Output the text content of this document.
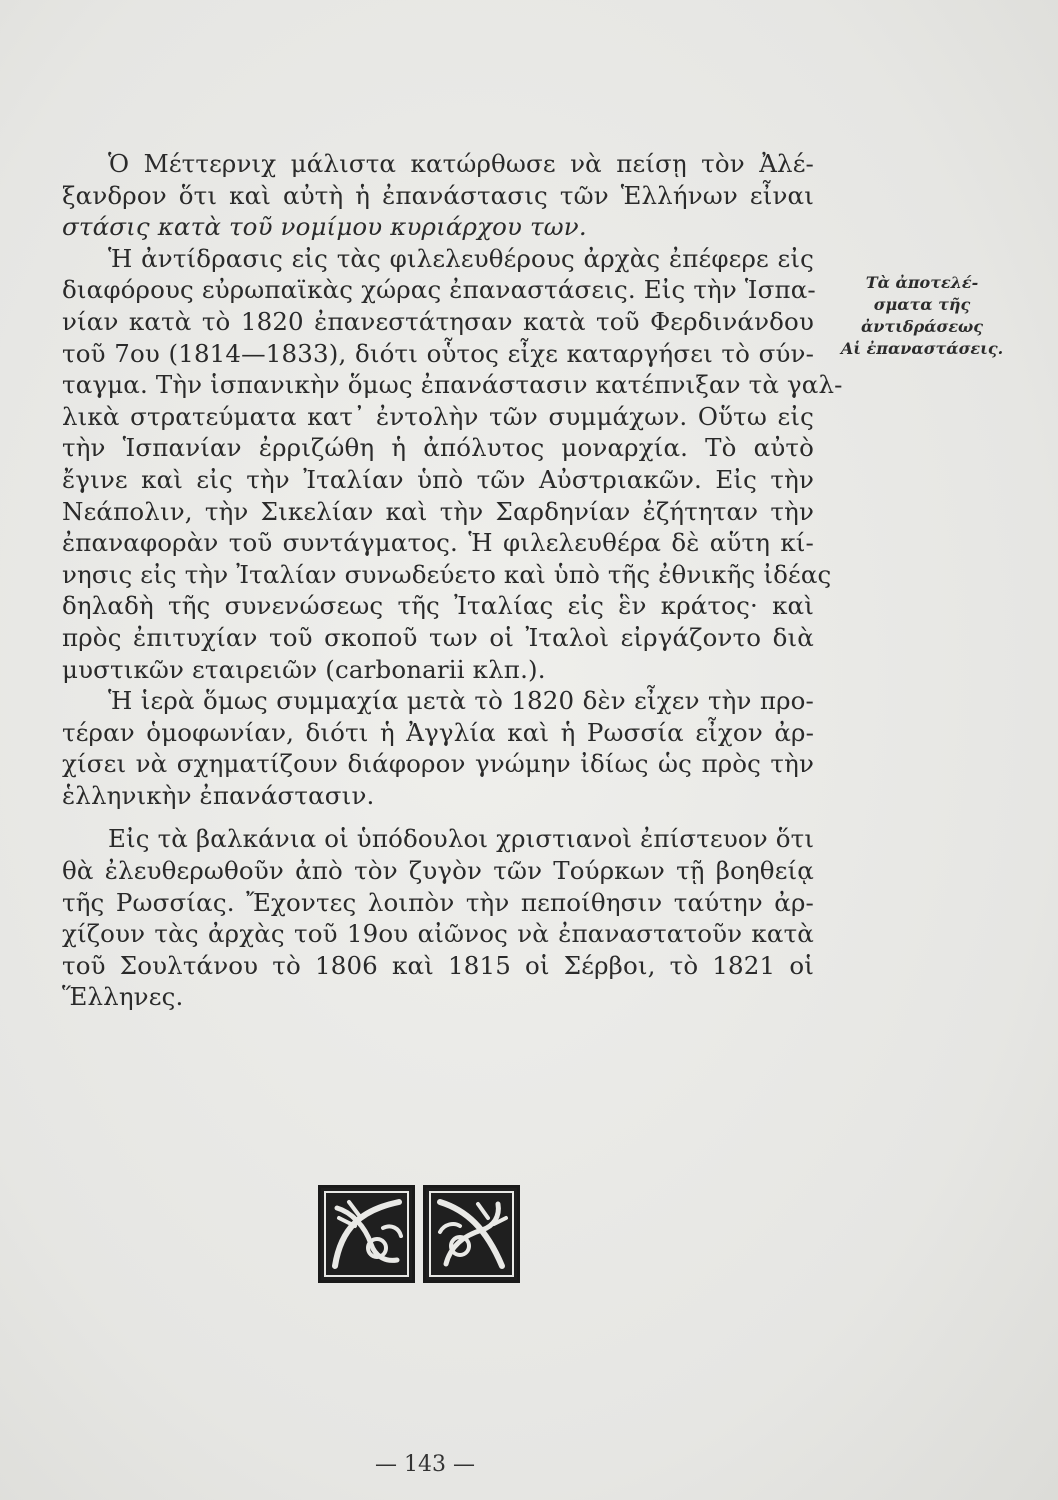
Ὁ Μέττερνιχ μάλιστα κατώρθωσε νὰ πείσῃ τὸν Ἀλέ-
ξανδρον ὅτι καὶ αὐτὴ ἡ ἐπανάστασις τῶν Ἑλλήνων εἶναι
στάσις κατὰ τοῦ νομίμου κυριάρχου των.

Ἡ ἀντίδρασις εἰς τὰς φιλελευθέρους ἀρχὰς ἐπέφερε εἰς
διαφόρους εὐρωπαϊκὰς χώρας ἐπαναστάσεις. Εἰς τὴν Ἱσπα-
νίαν κατὰ τὸ 1820 ἐπανεστάτησαν κατὰ τοῦ Φερδινάνδου
τοῦ 7ου (1814—1833), διότι οὗτος εἶχε καταργήσει τὸ σύν-
ταγμα. Τὴν ἱσπανικὴν ὅμως ἐπανάστασιν κατέπνιξαν τὰ γαλ-
λικὰ στρατεύματα κατ᾽ ἐντολὴν τῶν συμμάχων. Οὕτω εἰς
τὴν Ἱσπανίαν ἐρριζώθη ἡ ἀπόλυτος μοναρχία. Τὸ αὐτὸ
ἔγινε καὶ εἰς τὴν Ἰταλίαν ὑπὸ τῶν Αὐστριακῶν. Εἰς τὴν
Νεάπολιν, τὴν Σικελίαν καὶ τὴν Σαρδηνίαν ἐζήτηταν τὴν
ἐπαναφορὰν τοῦ συντάγματος. Ἡ φιλελευθέρα δὲ αὕτη κί-
νησις εἰς τὴν Ἰταλίαν συνωδεύετο καὶ ὑπὸ τῆς ἐθνικῆς ἰδέας
δηλαδὴ τῆς συνενώσεως τῆς Ἰταλίας εἰς ἓν κράτος· καὶ
πρὸς ἐπιτυχίαν τοῦ σκοποῦ των οἱ Ἰταλοὶ εἰργάζοντο διὰ
μυστικῶν εταιρειῶν (carbonarii κλπ.).

Ἡ ἱερὰ ὅμως συμμαχία μετὰ τὸ 1820 δὲν εἶχεν τὴν προ-
τέραν ὁμοφωνίαν, διότι ἡ Ἀγγλία καὶ ἡ Ρωσσία εἶχον ἀρ-
χίσει νὰ σχηματίζουν διάφορον γνώμην ἰδίως ὡς πρὸς τὴν
ἑλληνικὴν ἐπανάστασιν.

Εἰς τὰ βαλκάνια οἱ ὑπόδουλοι χριστιανοὶ ἐπίστευον ὅτι
θὰ ἐλευθερωθοῦν ἀπὸ τὸν ζυγὸν τῶν Τούρκων τῇ βοηθείᾳ
τῆς Ρωσσίας. Ἔχοντες λοιπὸν τὴν πεποίθησιν ταύτην ἀρ-
χίζουν τὰς ἀρχὰς τοῦ 19ου αἰῶνος νὰ ἐπαναστατοῦν κατὰ
τοῦ Σουλτάνου τὸ 1806 καὶ 1815 οἱ Σέρβοι, τὸ 1821 οἱ
Ἕλληνες.

Τὰ ἀποτελέ-
σματα τῆς
ἀντιδράσεως
Αἱ ἐπαναστάσεις.
— 143 —
